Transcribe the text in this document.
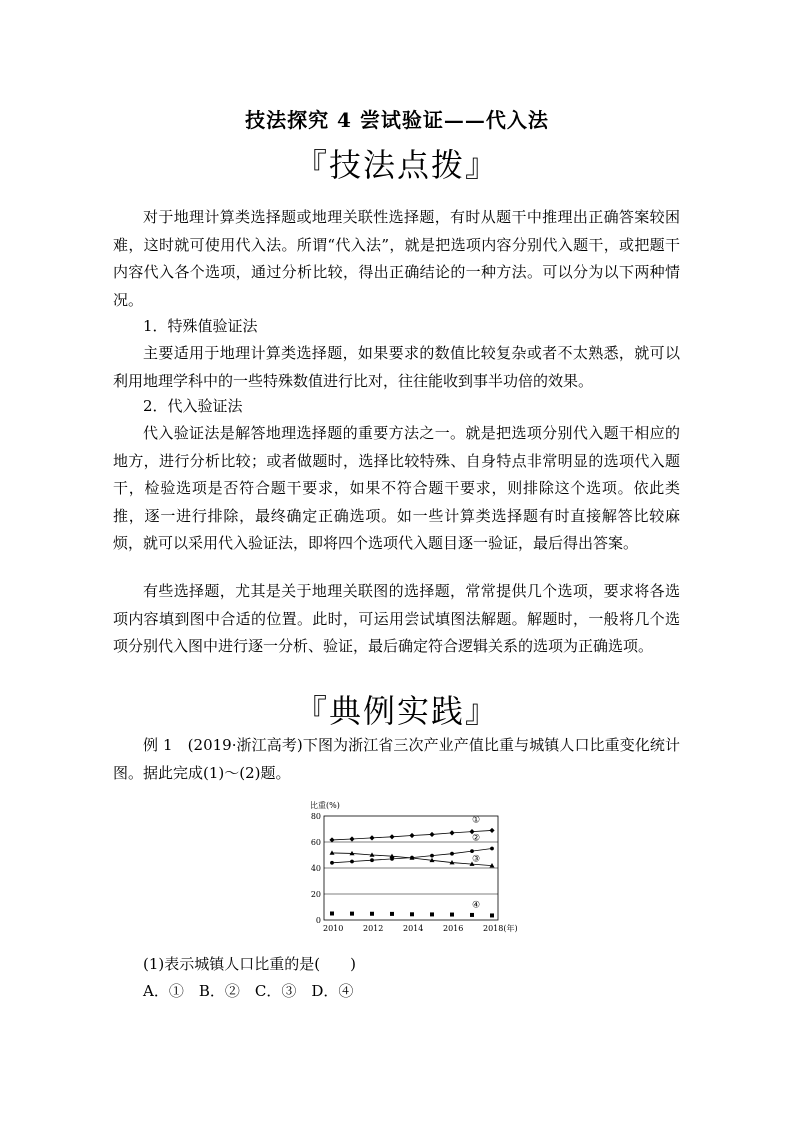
技法探究 4 尝试验证——代入法
『技法点拨』

对于地理计算类选择题或地理关联性选择题，有时从题干中推理出正确答案较困难，这时就可使用代入法。所谓“代入法”，就是把选项内容分别代入题干，或把题干内容代入各个选项，通过分析比较，得出正确结论的一种方法。可以分为以下两种情况。

1．特殊值验证法

主要适用于地理计算类选择题，如果要求的数值比较复杂或者不太熟悉，就可以利用地理学科中的一些特殊数值进行比对，往往能收到事半功倍的效果。

2．代入验证法

代入验证法是解答地理选择题的重要方法之一。就是把选项分别代入题干相应的地方，进行分析比较；或者做题时，选择比较特殊、自身特点非常明显的选项代入题干，检验选项是否符合题干要求，如果不符合题干要求，则排除这个选项。依此类推，逐一进行排除，最终确定正确选项。如一些计算类选择题有时直接解答比较麻烦，就可以采用代入验证法，即将四个选项代入题目逐一验证，最后得出答案。

有些选择题，尤其是关于地理关联图的选择题，常常提供几个选项，要求将各选项内容填到图中合适的位置。此时，可运用尝试填图法解题。解题时，一般将几个选项分别代入图中进行逐一分析、验证，最后确定符合逻辑关系的选项为正确选项。

『典例实践』

例 1　(2019·浙江高考)下图为浙江省三次产业产值比重与城镇人口比重变化统计图。据此完成(1)～(2)题。

0
20
40
60
80
比重(%)
2010 2012 2014 2016 2018(年)
①
②
③
④

(1)表示城镇人口比重的是(　　)

A．①　B．②　C．③　D．④
